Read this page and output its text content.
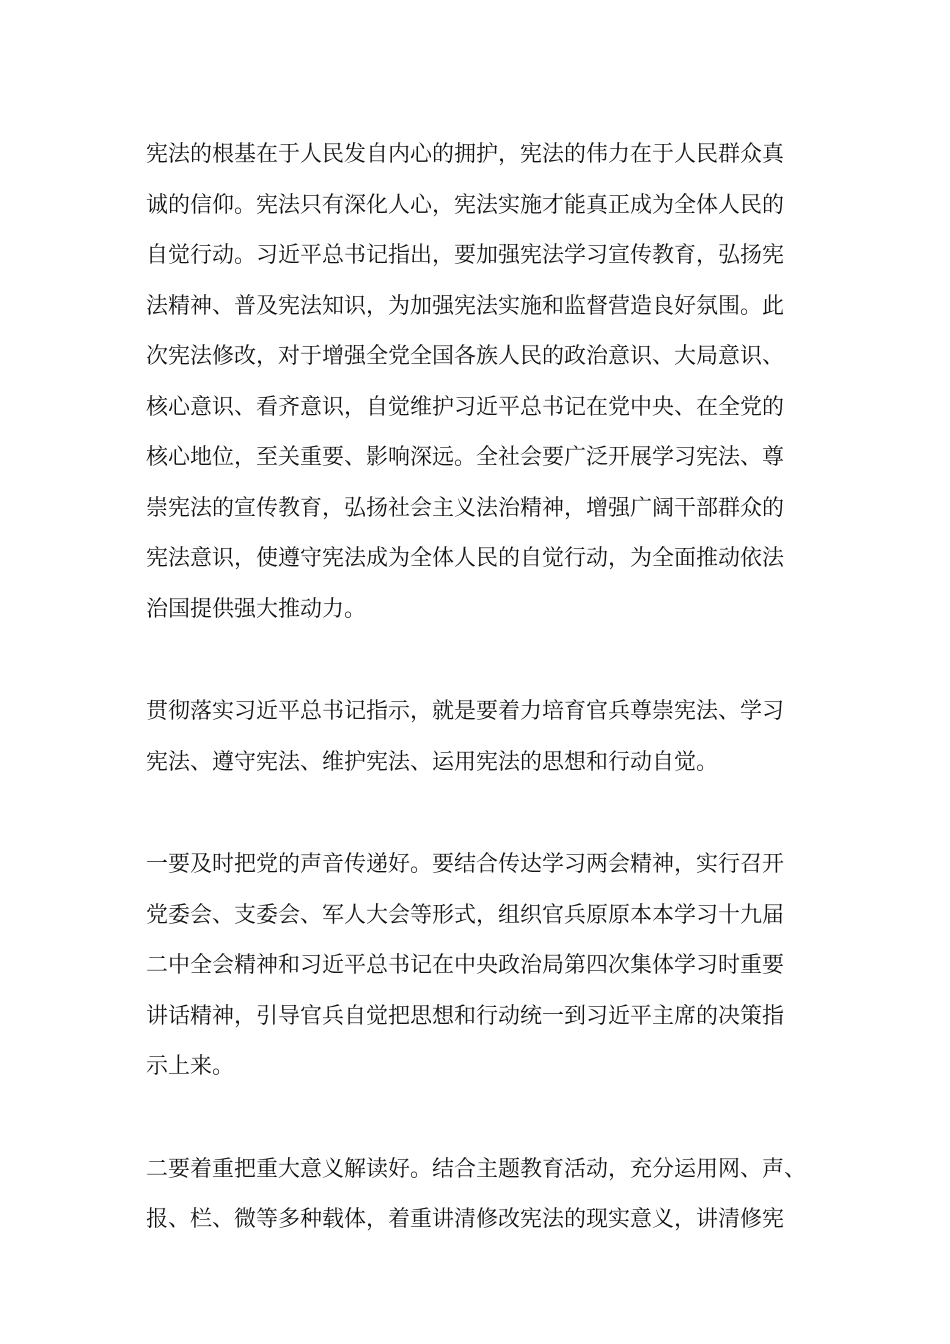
宪法的根基在于人民发自内心的拥护，宪法的伟力在于人民群众真
诚的信仰。宪法只有深化人心，宪法实施才能真正成为全体人民的
自觉行动。习近平总书记指出，要加强宪法学习宣传教育，弘扬宪
法精神、普及宪法知识，为加强宪法实施和监督营造良好氛围。此
次宪法修改，对于增强全党全国各族人民的政治意识、大局意识、
核心意识、看齐意识，自觉维护习近平总书记在党中央、在全党的
核心地位，至关重要、影响深远。全社会要广泛开展学习宪法、尊
崇宪法的宣传教育，弘扬社会主义法治精神，增强广阔干部群众的
宪法意识，使遵守宪法成为全体人民的自觉行动，为全面推动依法
治国提供强大推动力。

贯彻落实习近平总书记指示，就是要着力培育官兵尊崇宪法、学习
宪法、遵守宪法、维护宪法、运用宪法的思想和行动自觉。

一要及时把党的声音传递好。要结合传达学习两会精神，实行召开
党委会、支委会、军人大会等形式，组织官兵原原本本学习十九届
二中全会精神和习近平总书记在中央政治局第四次集体学习时重要
讲话精神，引导官兵自觉把思想和行动统一到习近平主席的决策指
示上来。

二要着重把重大意义解读好。结合主题教育活动，充分运用网、声、
报、栏、微等多种载体，着重讲清修改宪法的现实意义，讲清修宪
